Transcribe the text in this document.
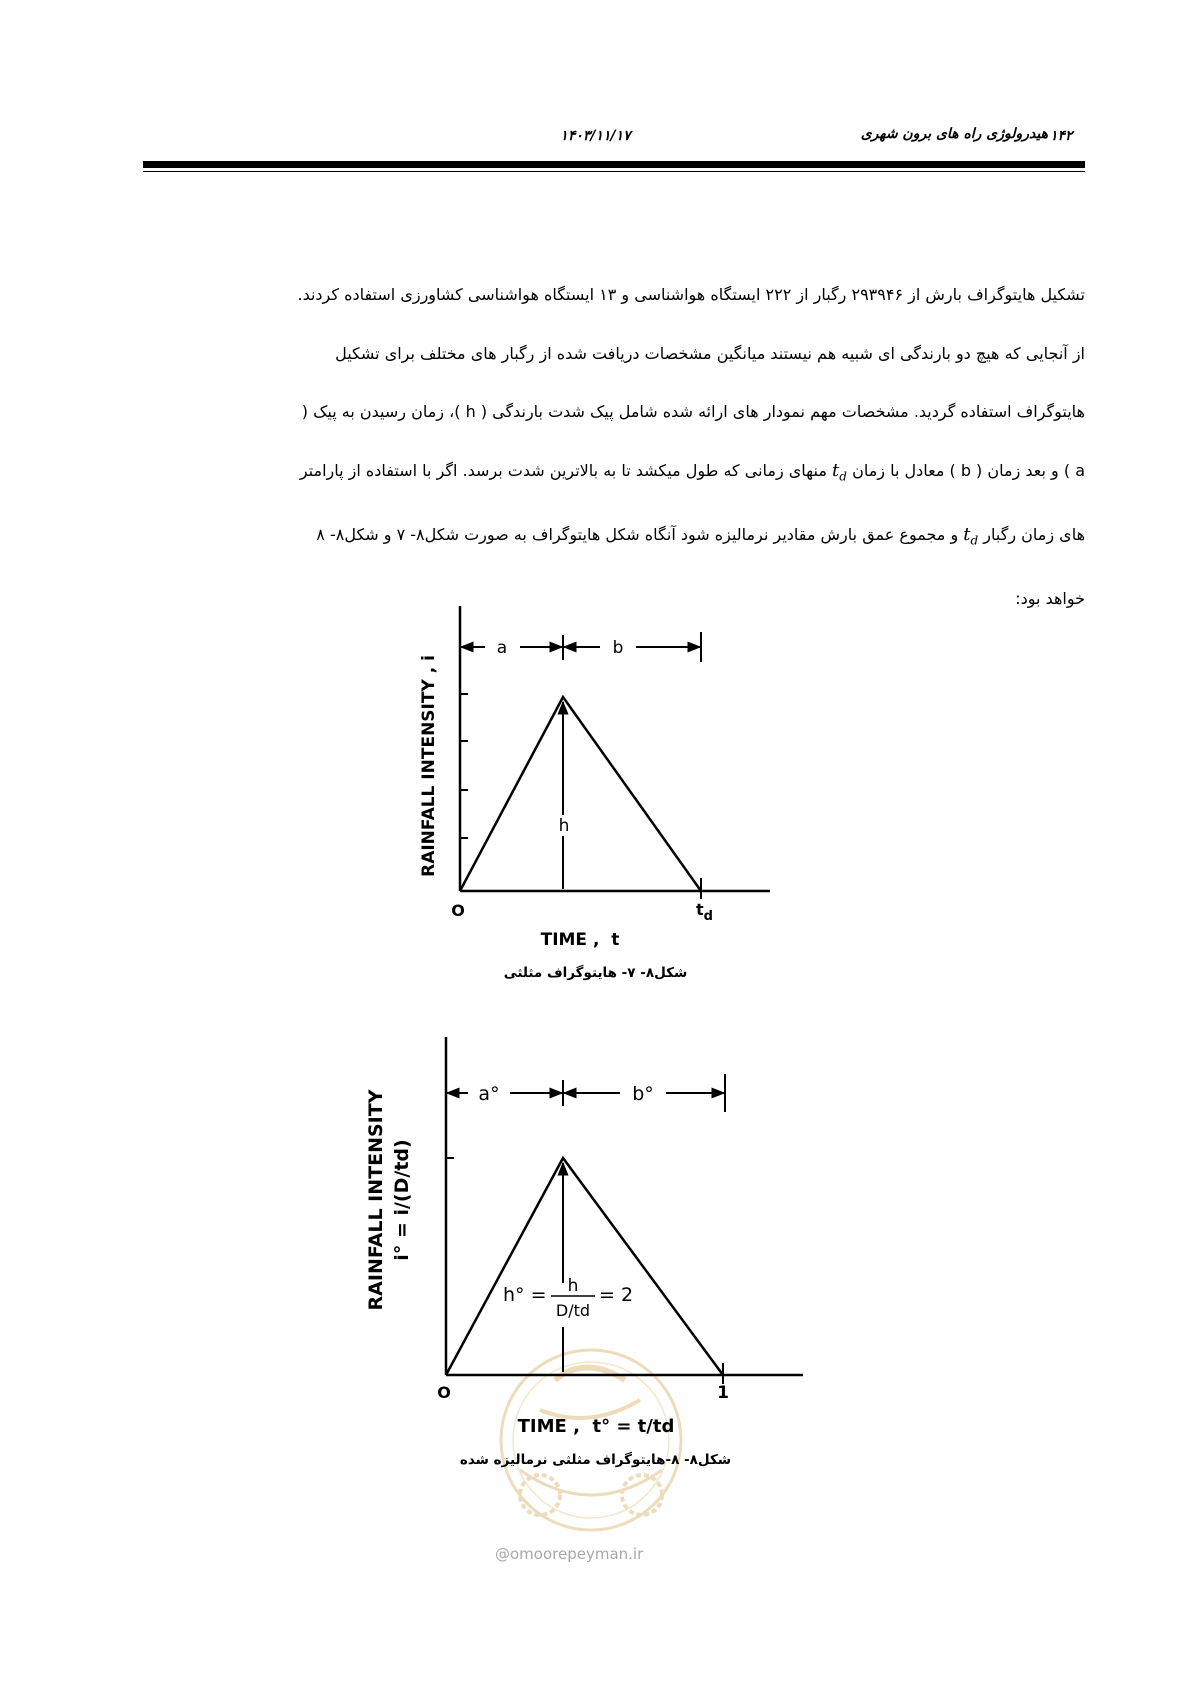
هیدرولوژی راه های برون شهری
۱۴۰۳/۱۱/۱۷	۱۴۲
تشکیل هایتوگراف بارش از ۲۹۳۹۴۶ رگبار از ۲۲۲ ایستگاه هواشناسی و ۱۳ ایستگاه هواشناسی کشاورزی استفاده کردند.
از آنجایی که هیچ دو بارندگی ای شبیه هم نیستند میانگین مشخصات دریافت شده از رگبار های مختلف برای تشکیل
هایتوگراف استفاده گردید. مشخصات مهم نمودار های ارائه شده شامل پیک شدت بارندگی ( h )، زمان رسیدن به پیک (
a ) و بعد زمان ( b ) معادل با زمان $t_d$ منهای زمانی که طول میکشد تا به بالاترین شدت برسد. اگر با استفاده از پارامتر
های زمان رگبار $t_d$ و مجموع عمق بارش مقادیر نرمالیزه شود آنگاه شکل هایتوگراف به صورت شکل۸- ۷ و شکل۸- ۸
خواهد بود:
a	b
h
O	$t_d$
TIME ,  t
RAINFALL INTENSITY , i
a°	b°
h° = h
D/td
= 2
O	1
TIME ,  t° = t/td
RAINFALL INTENSITY i° = i/(D/td)
شکل۸- ۷- هایتوگراف مثلثی
شکل۸- ۸-هایتوگراف مثلثی نرمالیزه شده
@omoorepeyman.ir
